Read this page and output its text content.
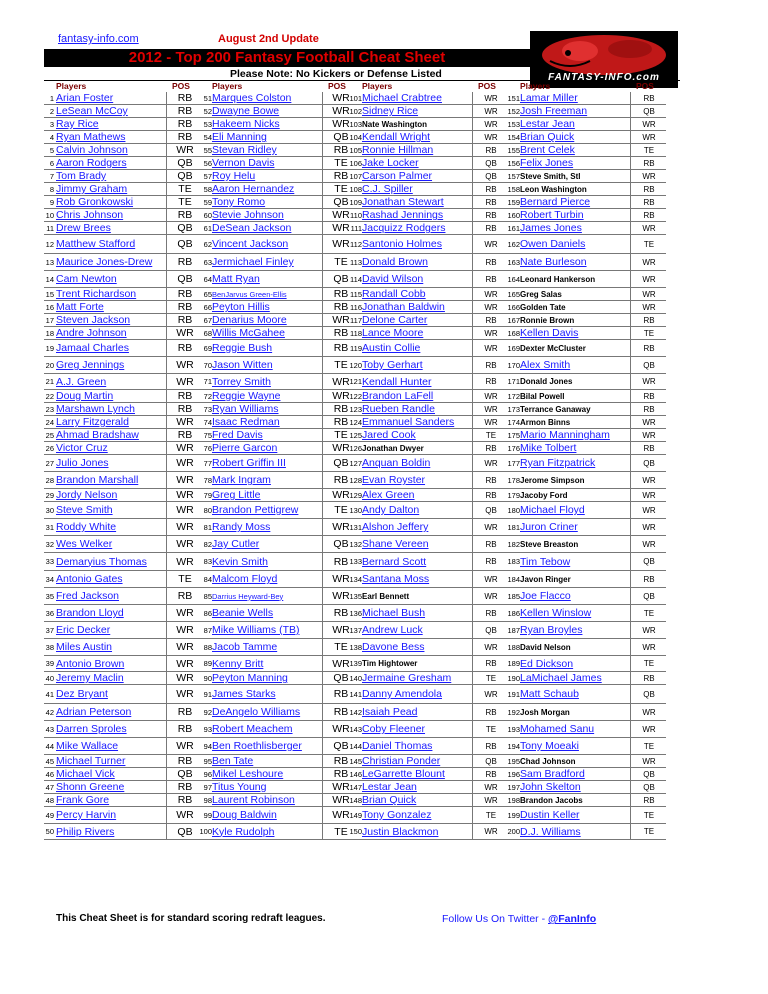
fantasy-info.com	August 2nd Update
2012 - Top 200 Fantasy Football Cheat Sheet
Please Note: No Kickers or Defense Listed	FANTASY-INFO.com
Players	POS
1 Arian Foster	RB
2 LeSean McCoy	RB
3 Ray Rice	RB
4 Ryan Mathews	RB
5 Calvin Johnson	WR
6 Aaron Rodgers	QB
7 Tom Brady	QB
8 Jimmy Graham	TE
9 Rob Gronkowski	TE
10 Chris Johnson	RB
11 Drew Brees	QB
12 Matthew Stafford	QB
13 Maurice Jones-Drew	RB
14 Cam Newton	QB
15 Trent Richardson	RB
16 Matt Forte	RB
17 Steven Jackson	RB
18 Andre Johnson	WR
19 Jamaal Charles	RB
20 Greg Jennings	WR
21 A.J. Green	WR
22 Doug Martin	RB
23 Marshawn Lynch	RB
24 Larry Fitzgerald	WR
25 Ahmad Bradshaw	RB
26 Victor Cruz	WR
27 Julio Jones	WR
28 Brandon Marshall	WR
29 Jordy Nelson	WR
30 Steve Smith	WR
31 Roddy White	WR
32 Wes Welker	WR
33 Demaryius Thomas	WR
34 Antonio Gates	TE
35 Fred Jackson	RB
36 Brandon Lloyd	WR
37 Eric Decker	WR
38 Miles Austin	WR
39 Antonio Brown	WR
40 Jeremy Maclin	WR
41 Dez Bryant	WR
42 Adrian Peterson	RB
43 Darren Sproles	RB
44 Mike Wallace	WR
45 Michael Turner	RB
46 Michael Vick	QB
47 Shonn Greene	RB
48 Frank Gore	RB
49 Percy Harvin	WR
50 Philip Rivers	QB
Players	POS
51 Marques Colston	WR
52 Dwayne Bowe	WR
53 Hakeem Nicks	WR
54 Eli Manning	QB
55 Stevan Ridley	RB
56 Vernon Davis	TE
57 Roy Helu	RB
58 Aaron Hernandez	TE
59 Tony Romo	QB
60 Stevie Johnson	WR
61 DeSean Jackson	WR
62 Vincent Jackson	WR
63 Jermichael Finley	TE
64 Matt Ryan	QB
65 BenJarvus Green-Ellis	RB
66 Peyton Hillis	RB
67 Denarius Moore	WR
68 Willis McGahee	RB
69 Reggie Bush	RB
70 Jason Witten	TE
71 Torrey Smith	WR
72 Reggie Wayne	WR
73 Ryan Williams	RB
74 Isaac Redman	RB
75 Fred Davis	TE
76 Pierre Garcon	WR
77 Robert Griffin III	QB
78 Mark Ingram	RB
79 Greg Little	WR
80 Brandon Pettigrew	TE
81 Randy Moss	WR
82 Jay Cutler	QB
83 Kevin Smith	RB
84 Malcom Floyd	WR
85 Darrius Heyward-Bey	WR
86 Beanie Wells	RB
87 Mike Williams (TB)	WR
88 Jacob Tamme	TE
89 Kenny Britt	WR
90 Peyton Manning	QB
91 James Starks	RB
92 DeAngelo Williams	RB
93 Robert Meachem	WR
94 Ben Roethlisberger	QB
95 Ben Tate	RB
96 Mikel Leshoure	RB
97 Titus Young	WR
98 Laurent Robinson	WR
99 Doug Baldwin	WR
100 Kyle Rudolph	TE
Players	POS
101 Michael Crabtree	WR
102 Sidney Rice	WR
103 Nate Washington	WR
104 Kendall Wright	WR
105 Ronnie Hillman	RB
106 Jake Locker	QB
107 Carson Palmer	QB
108 C.J. Spiller	RB
109 Jonathan Stewart	RB
110 Rashad Jennings	RB
111 Jacquizz Rodgers	RB
112 Santonio Holmes	WR
113 Donald Brown	RB
114 David Wilson	RB
115 Randall Cobb	WR
116 Jonathan Baldwin	WR
117 Delone Carter	RB
118 Lance Moore	WR
119 Austin Collie	WR
120 Toby Gerhart	RB
121 Kendall Hunter	RB
122 Brandon LaFell	WR
123 Rueben Randle	WR
124 Emmanuel Sanders	WR
125 Jared Cook	TE
126 Jonathan Dwyer	RB
127 Anquan Boldin	WR
128 Evan Royster	RB
129 Alex Green	RB
130 Andy Dalton	QB
131 Alshon Jeffery	WR
132 Shane Vereen	RB
133 Bernard Scott	RB
134 Santana Moss	WR
135 Earl Bennett	WR
136 Michael Bush	RB
137 Andrew Luck	QB
138 Davone Bess	WR
139 Tim Hightower	RB
140 Jermaine Gresham	TE
141 Danny Amendola	WR
142 Isaiah Pead	RB
143 Coby Fleener	TE
144 Daniel Thomas	RB
145 Christian Ponder	QB
146 LeGarrette Blount	RB
147 Lestar Jean	WR
148 Brian Quick	WR
149 Tony Gonzalez	TE
150 Justin Blackmon	WR
Players	POS
151 Lamar Miller	RB
152 Josh Freeman	QB
153 Lestar Jean	WR
154 Brian Quick	WR
155 Brent Celek	TE
156 Felix Jones	RB
157 Steve Smith, Stl	WR
158 Leon Washington	RB
159 Bernard Pierce	RB
160 Robert Turbin	RB
161 James Jones	WR
162 Owen Daniels	TE
163 Nate Burleson	WR
164 Leonard Hankerson	WR
165 Greg Salas	WR
166 Golden Tate	WR
167 Ronnie Brown	RB
168 Kellen Davis	TE
169 Dexter McCluster	RB
170 Alex Smith	QB
171 Donald Jones	WR
172 Bilal Powell	RB
173 Terrance Ganaway	RB
174 Armon Binns	WR
175 Mario Manningham	WR
176 Mike Tolbert	RB
177 Ryan Fitzpatrick	QB
178 Jerome Simpson	WR
179 Jacoby Ford	WR
180 Michael Floyd	WR
181 Juron Criner	WR
182 Steve Breaston	WR
183 Tim Tebow	QB
184 Javon Ringer	RB
185 Joe Flacco	QB
186 Kellen Winslow	TE
187 Ryan Broyles	WR
188 David Nelson	WR
189 Ed Dickson	TE
190 LaMichael James	RB
191 Matt Schaub	QB
192 Josh Morgan	WR
193 Mohamed Sanu	WR
194 Tony Moeaki	TE
195 Chad Johnson	WR
196 Sam Bradford	QB
197 John Skelton	QB
198 Brandon Jacobs	RB
199 Dustin Keller	TE
200 D.J. Williams	TE
This Cheat Sheet is for standard scoring redraft leagues.	Follow Us On Twitter - @FanInfo
